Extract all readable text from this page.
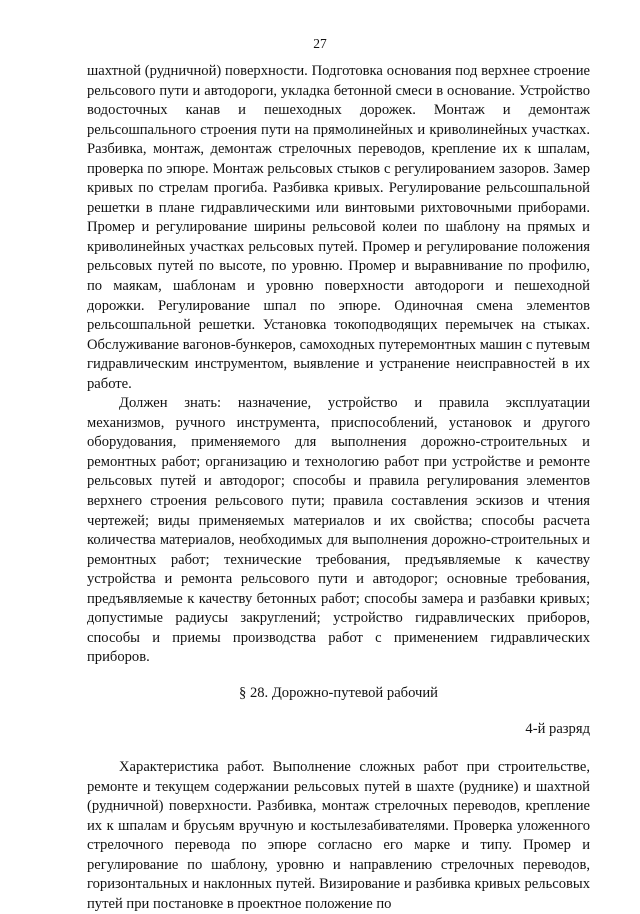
27

шахтной (рудничной) поверхности. Подготовка основания под верхнее строение рельсового пути и автодороги, укладка бетонной смеси в основание. Устройство водосточных канав и пешеходных дорожек. Монтаж и демонтаж рельсошпального строения пути на прямолинейных и криволинейных участках. Разбивка, монтаж, демонтаж стрелочных переводов, крепление их к шпалам, проверка по эпюре. Монтаж рельсовых стыков с регулированием зазоров. Замер кривых по стрелам прогиба. Разбивка кривых. Регулирование рельсошпальной решетки в плане гидравлическими или винтовыми рихтовочными приборами. Промер и регулирование ширины рельсовой колеи по шаблону на прямых и криволинейных участках рельсовых путей. Промер и регулирование положения рельсовых путей по высоте, по уровню. Промер и выравнивание по профилю, по маякам, шаблонам и уровню поверхности автодороги и пешеходной дорожки. Регулирование шпал по эпюре. Одиночная смена элементов рельсошпальной решетки. Установка токоподводящих перемычек на стыках. Обслуживание вагонов-бункеров, самоходных путеремонтных машин с путевым гидравлическим инструментом, выявление и устранение неисправностей в их работе.

Должен знать: назначение, устройство и правила эксплуатации механизмов, ручного инструмента, приспособлений, установок и другого оборудования, применяемого для выполнения дорожно-строительных и ремонтных работ; организацию и технологию работ при устройстве и ремонте рельсовых путей и автодорог; способы и правила регулирования элементов верхнего строения рельсового пути; правила составления эскизов и чтения чертежей; виды применяемых материалов и их свойства; способы расчета количества материалов, необходимых для выполнения дорожно-строительных и ремонтных работ; технические требования, предъявляемые к качеству устройства и ремонта рельсового пути и автодорог; основные требования, предъявляемые к качеству бетонных работ; способы замера и разбавки кривых; допустимые радиусы закруглений; устройство гидравлических приборов, способы и приемы производства работ с применением гидравлических приборов.

§ 28. Дорожно-путевой рабочий
4-й разряд

Характеристика работ. Выполнение сложных работ при строительстве, ремонте и текущем содержании рельсовых путей в шахте (руднике) и шахтной (рудничной) поверхности. Разбивка, монтаж стрелочных переводов, крепление их к шпалам и брусьям вручную и костылезабивателями. Проверка уложенного стрелочного перевода по эпюре согласно его марке и типу. Промер и регулирование по шаблону, уровню и направлению стрелочных переводов, горизонтальных и наклонных путей. Визирование и разбивка кривых рельсовых путей при постановке в проектное положение по
